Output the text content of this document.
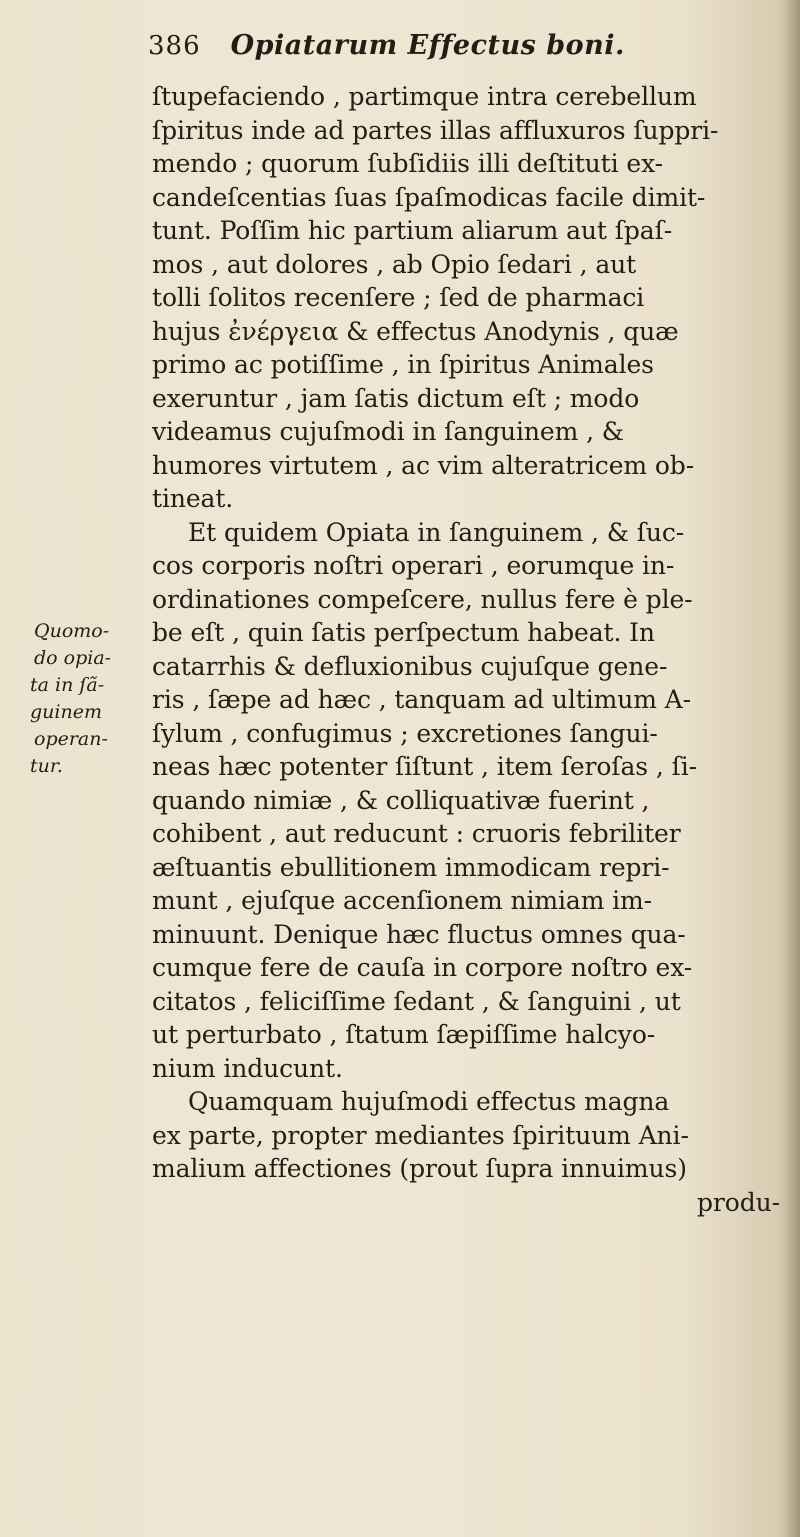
386 Opiatarum Effectus boni.
Quomo-
do opia-
ta in ſã-
guinem
operan-
tur.
ſtupefaciendo , partimque intra cerebellum
ſpiritus inde ad partes illas affluxuros ſuppri-
mendo ; quorum ſubſidiis illi deſtituti ex-
candeſcentias ſuas ſpaſmodicas facile dimit-
tunt. Poſſim hic partium aliarum aut ſpaſ-
mos , aut dolores , ab Opio ſedari , aut
tolli ſolitos recenſere ; ſed de pharmaci
hujus ἐνέργεια & effectus Anodynis , quæ
primo ac potiſſime , in ſpiritus Animales
exeruntur , jam ſatis dictum eſt ; modo
videamus cujuſmodi in ſanguinem , &
humores virtutem , ac vim alteratricem ob-
tineat.
Et quidem Opiata in ſanguinem , & ſuc-
cos corporis noſtri operari , eorumque in-
ordinationes compeſcere, nullus fere è ple-
be eſt , quin ſatis perſpectum habeat. In
catarrhis & defluxionibus cujuſque gene-
ris , ſæpe ad hæc , tanquam ad ultimum A-
ſylum , confugimus ; excretiones ſangui-
neas hæc potenter ſiſtunt , item ſeroſas , ſi-
quando nimiæ , & colliquativæ fuerint ,
cohibent , aut reducunt : cruoris febriliter
æſtuantis ebullitionem immodicam repri-
munt , ejuſque accenſionem nimiam im-
minuunt. Denique hæc fluctus omnes qua-
cumque fere de cauſa in corpore noſtro ex-
citatos , feliciſſime ſedant , & ſanguini , ut
ut perturbato , ſtatum ſæpiſſime halcyo-
nium inducunt.
Quamquam hujuſmodi effectus magna
ex parte, propter mediantes ſpirituum Ani-
malium affectiones (prout ſupra innuimus)
produ-
